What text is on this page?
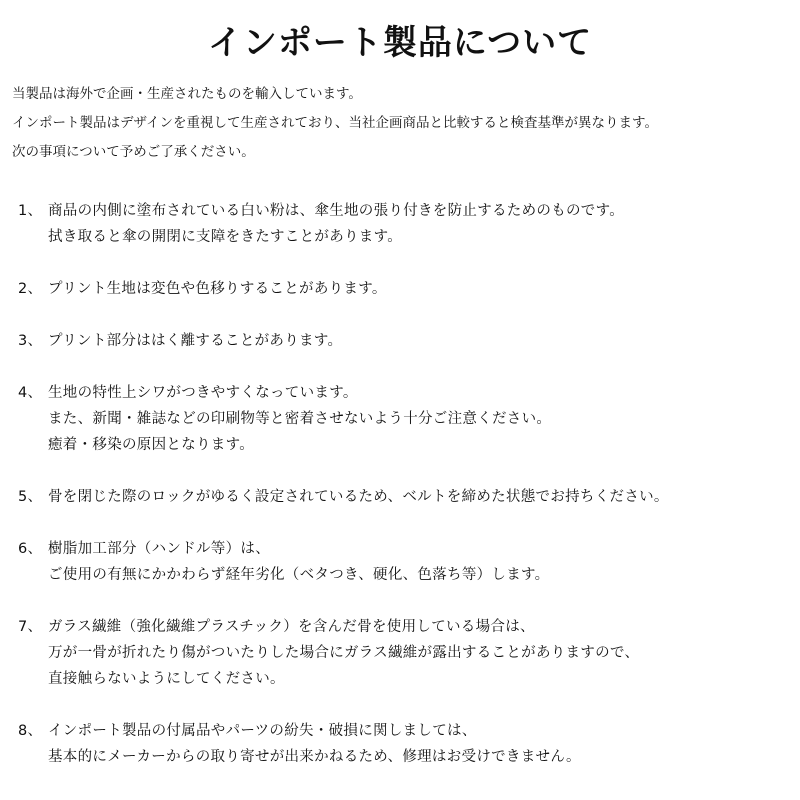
インポート製品について

当製品は海外で企画・生産されたものを輸入しています。

インポート製品はデザインを重視して生産されており、当社企画商品と比較すると検査基準が異なります。

次の事項について予めご了承ください。

1、 商品の内側に塗布されている白い粉は、傘生地の張り付きを防止するためのものです。
拭き取ると傘の開閉に支障をきたすことがあります。
2、 プリント生地は変色や色移りすることがあります。
3、 プリント部分ははく離することがあります。
4、 生地の特性上シワがつきやすくなっています。
また、新聞・雑誌などの印刷物等と密着させないよう十分ご注意ください。
癒着・移染の原因となります。
5、 骨を閉じた際のロックがゆるく設定されているため、ベルトを締めた状態でお持ちください。
6、 樹脂加工部分（ハンドル等）は、
ご使用の有無にかかわらず経年劣化（ベタつき、硬化、色落ち等）します。
7、 ガラス繊維（強化繊維プラスチック）を含んだ骨を使用している場合は、
万が一骨が折れたり傷がついたりした場合にガラス繊維が露出することがありますので、
直接触らないようにしてください。
8、 インポート製品の付属品やパーツの紛失・破損に関しましては、
基本的にメーカーからの取り寄せが出来かねるため、修理はお受けできません。
